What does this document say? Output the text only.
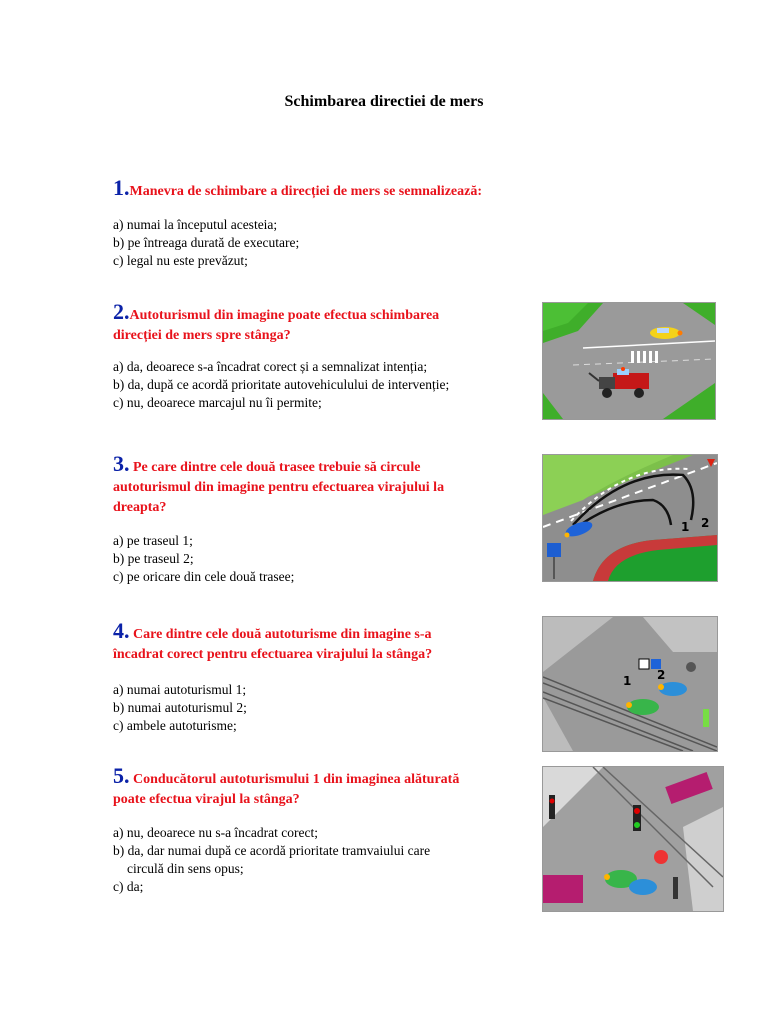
Schimbarea directiei de mers
1.Manevra de schimbare a direcției de mers se semnalizează:
a) numai la începutul acesteia;
b) pe întreaga durată de executare;
c) legal nu este prevăzut;
2.Autoturismul din imagine poate efectua schimbarea
direcției de mers spre stânga?
a) da, deoarece s-a încadrat corect și a semnalizat intenția;
b) da, după ce acordă prioritate autovehiculului de intervenție;
c) nu, deoarece marcajul nu îi permite;
3. Pe care dintre cele două trasee trebuie să circule
autoturismul din imagine pentru efectuarea virajului la
dreapta?
a) pe traseul 1;
b) pe traseul 2;
c) pe oricare din cele două trasee;
4. Care dintre cele două autoturisme din imagine s-a
încadrat corect pentru efectuarea virajului la stânga?
a) numai autoturismul 1;
b) numai autoturismul 2;
c) ambele autoturisme;
5. Conducătorul autoturismului 1 din imaginea alăturată
poate efectua virajul la stânga?
a) nu, deoarece nu s-a încadrat corect;
b) da, dar numai după ce acordă prioritate tramvaiului care
circulă din sens opus;
c) da;
1 2
1 2
